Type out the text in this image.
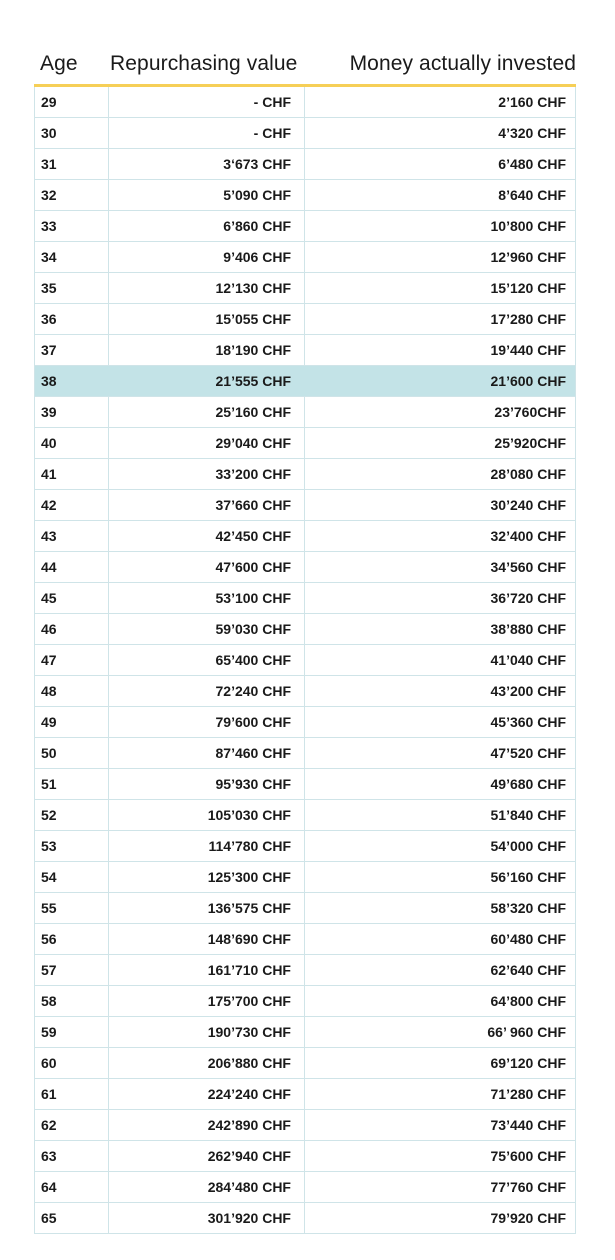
Age	Repurchasing value	Money actually invested
29	- CHF	2’160 CHF
30	- CHF	4’320 CHF
31	3‘673 CHF	6’480 CHF
32	5’090 CHF	8’640 CHF
33	6’860 CHF	10’800 CHF
34	9’406 CHF	12’960 CHF
35	12’130 CHF	15’120 CHF
36	15’055 CHF	17’280 CHF
37	18’190 CHF	19’440 CHF
38	21’555 CHF	21’600 CHF
39	25’160 CHF	23’760CHF
40	29’040 CHF	25’920CHF
41	33’200 CHF	28’080 CHF
42	37’660 CHF	30’240 CHF
43	42’450 CHF	32’400 CHF
44	47’600 CHF	34’560 CHF
45	53’100 CHF	36’720 CHF
46	59’030 CHF	38’880 CHF
47	65’400 CHF	41’040 CHF
48	72’240 CHF	43’200 CHF
49	79’600 CHF	45’360 CHF
50	87’460 CHF	47’520 CHF
51	95’930 CHF	49’680 CHF
52	105’030 CHF	51’840 CHF
53	114’780 CHF	54’000 CHF
54	125’300 CHF	56’160 CHF
55	136’575 CHF	58’320 CHF
56	148’690 CHF	60’480 CHF
57	161’710 CHF	62’640 CHF
58	175’700 CHF	64’800 CHF
59	190’730 CHF	66’ 960 CHF
60	206’880 CHF	69’120 CHF
61	224’240 CHF	71’280 CHF
62	242’890 CHF	73’440 CHF
63	262’940 CHF	75’600 CHF
64	284’480 CHF	77’760 CHF
65	301’920 CHF	79’920 CHF
